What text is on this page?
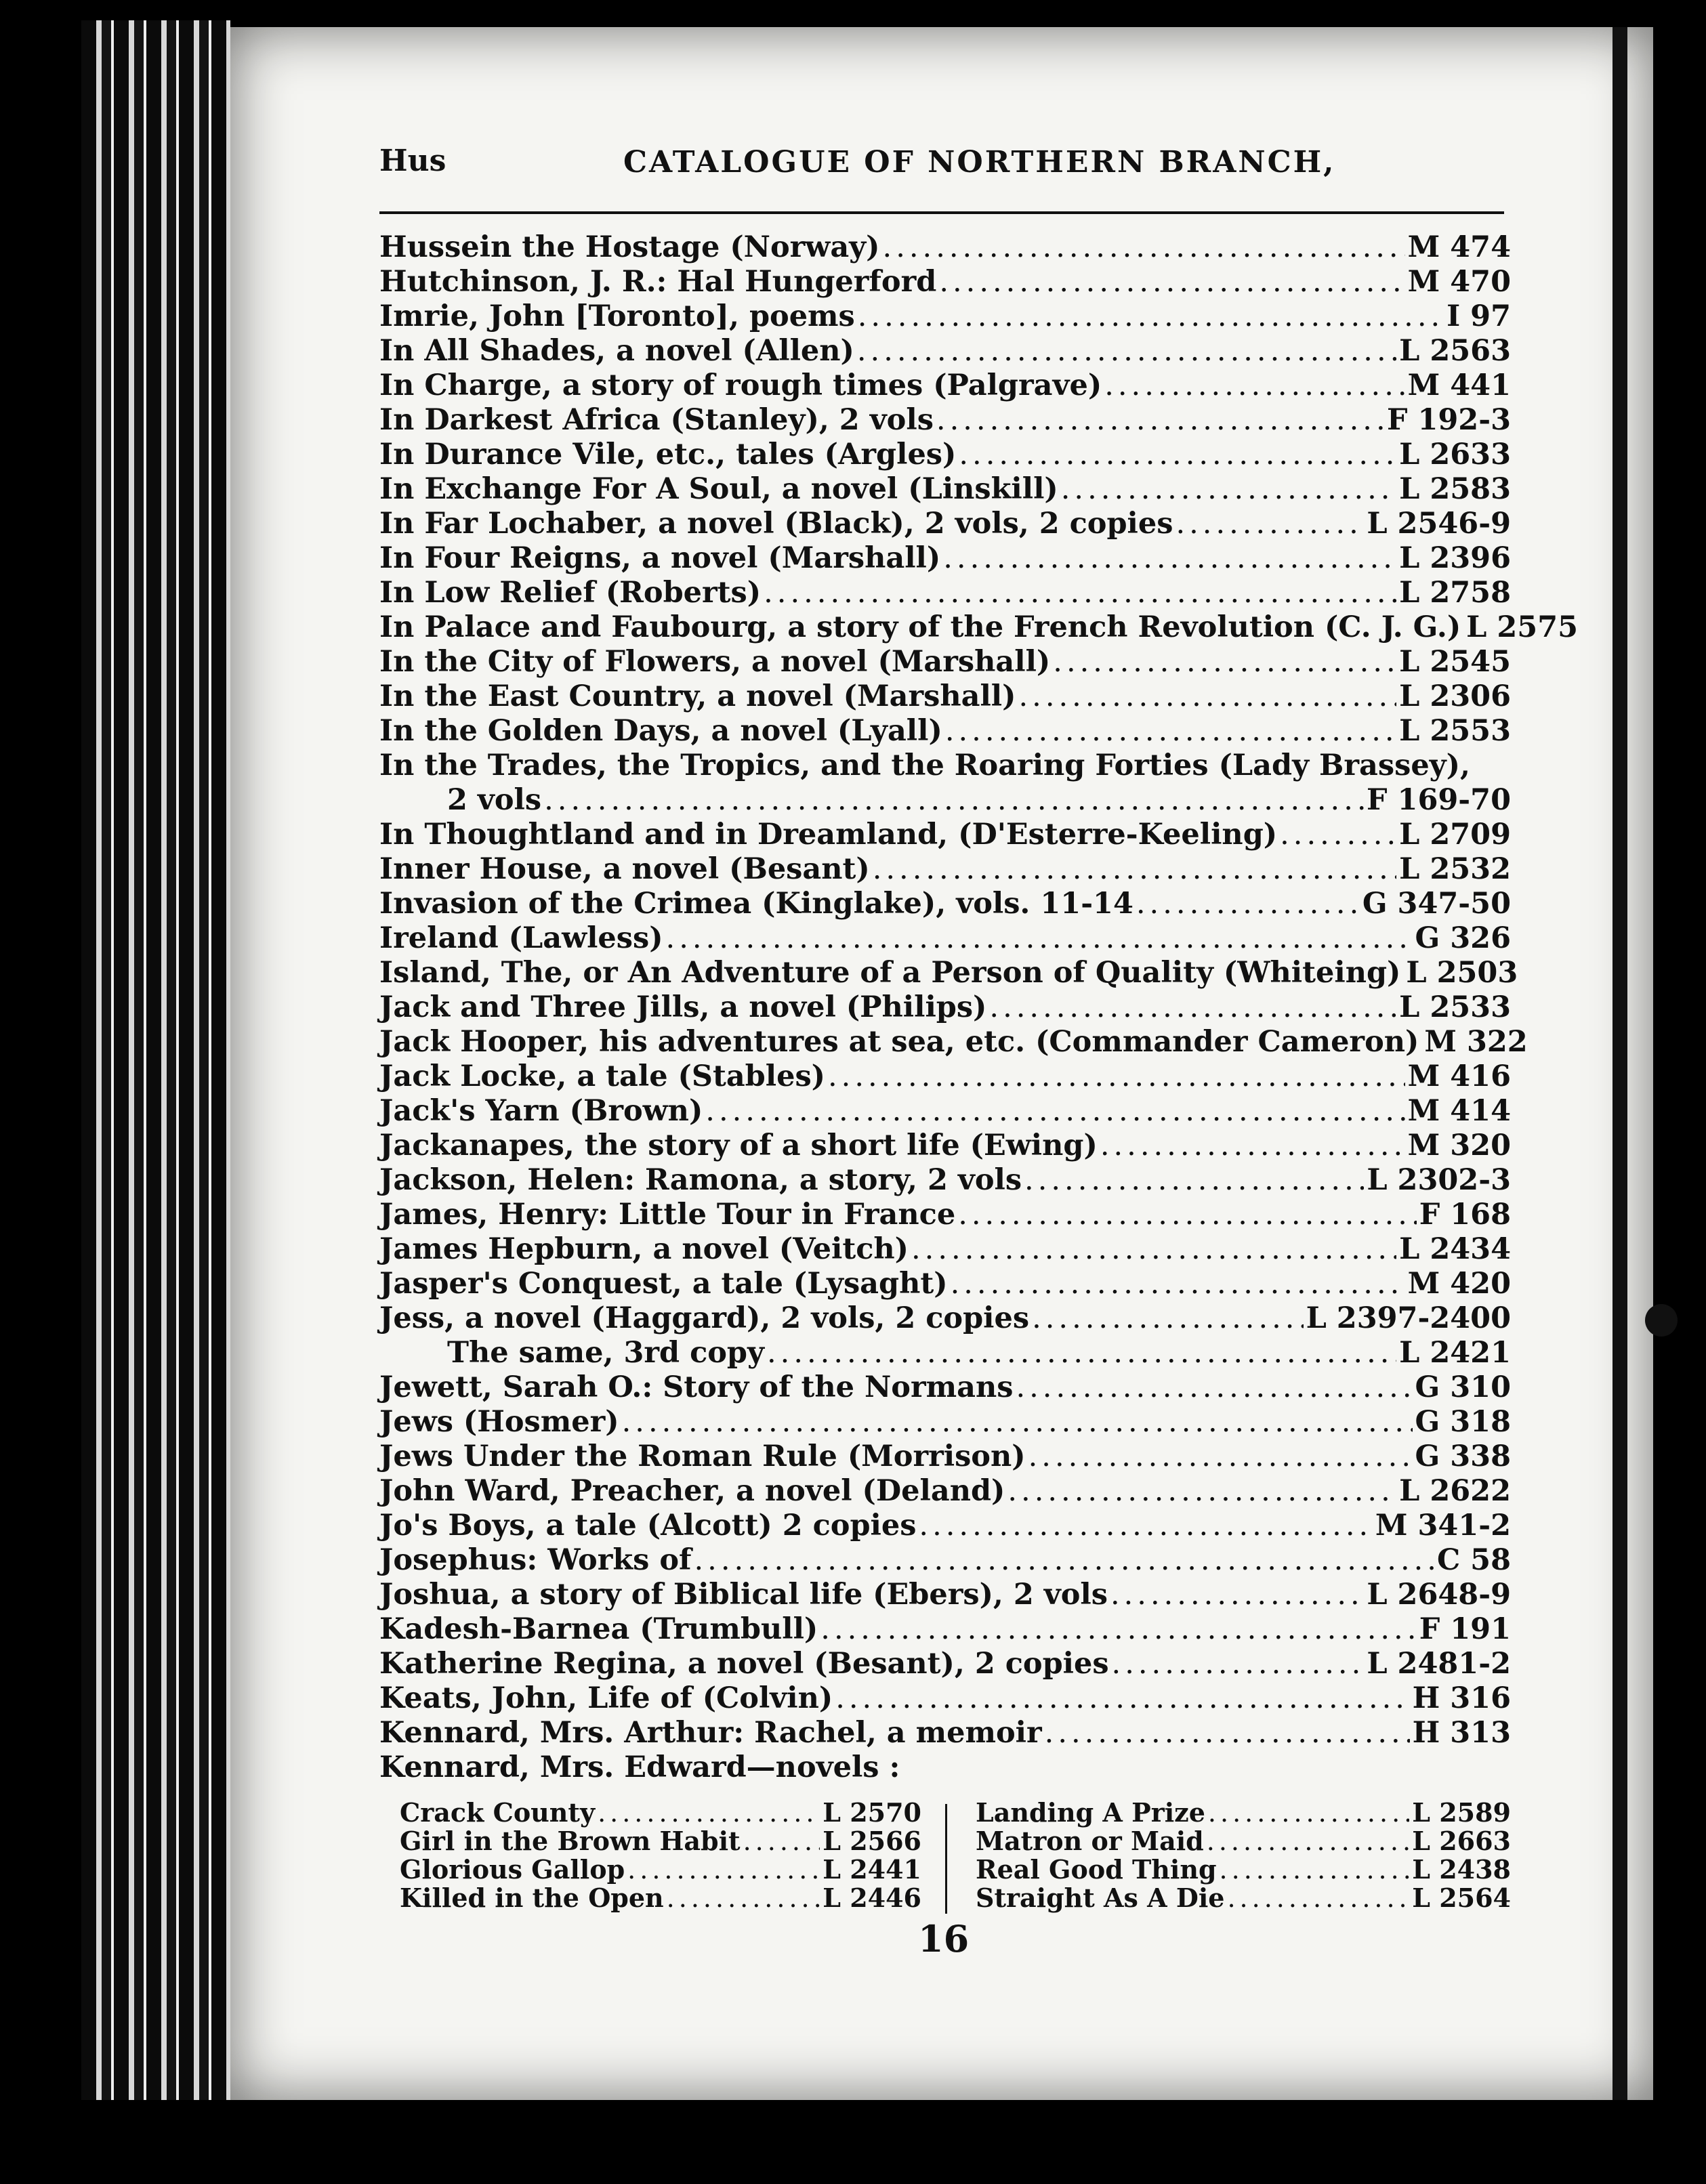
Hus	CATALOGUE OF NORTHERN BRANCH,
Hussein the Hostage (Norway) .....	M 474
Hutchinson, J. R.: Hal Hungerford .....	M 470
Imrie, John [Toronto], poems .....	I 97
In All Shades, a novel (Allen) .....	L 2563
In Charge, a story of rough times (Palgrave) .....	M 441
In Darkest Africa (Stanley), 2 vols .....	F 192-3
In Durance Vile, etc., tales (Argles) .....	L 2633
In Exchange For A Soul, a novel (Linskill) .....	L 2583
In Far Lochaber, a novel (Black), 2 vols, 2 copies .....	L 2546-9
In Four Reigns, a novel (Marshall) .....	L 2396
In Low Relief (Roberts) .....	L 2758
In Palace and Faubourg, a story of the French Revolution (C. J. G.) L 2575
In the City of Flowers, a novel (Marshall) .....	L 2545
In the East Country, a novel (Marshall) .....	L 2306
In the Golden Days, a novel (Lyall) .....	L 2553
In the Trades, the Tropics, and the Roaring Forties (Lady Brassey),
2 vols .....	F 169-70
In Thoughtland and in Dreamland, (D'Esterre-Keeling) .....	L 2709
Inner House, a novel (Besant) .....	L 2532
Invasion of the Crimea (Kinglake), vols. 11-14 .....	G 347-50
Ireland (Lawless) .....	G 326
Island, The, or An Adventure of a Person of Quality (Whiteing) L 2503
Jack and Three Jills, a novel (Philips) .....	L 2533
Jack Hooper, his adventures at sea, etc. (Commander Cameron) M 322
Jack Locke, a tale (Stables) .....	M 416
Jack's Yarn (Brown) .....	M 414
Jackanapes, the story of a short life (Ewing) .....	M 320
Jackson, Helen: Ramona, a story, 2 vols .....	L 2302-3
James, Henry: Little Tour in France .....	F 168
James Hepburn, a novel (Veitch) .....	L 2434
Jasper's Conquest, a tale (Lysaght) .....	M 420
Jess, a novel (Haggard), 2 vols, 2 copies .....	L 2397-2400
The same, 3rd copy .....	L 2421
Jewett, Sarah O.: Story of the Normans .....	G 310
Jews (Hosmer) .....	G 318
Jews Under the Roman Rule (Morrison) .....	G 338
John Ward, Preacher, a novel (Deland) .....	L 2622
Jo's Boys, a tale (Alcott) 2 copies .....	M 341-2
Josephus: Works of .....	C 58
Joshua, a story of Biblical life (Ebers), 2 vols .....	L 2648-9
Kadesh-Barnea (Trumbull) .....	F 191
Katherine Regina, a novel (Besant), 2 copies .....	L 2481-2
Keats, John, Life of (Colvin) .....	H 316
Kennard, Mrs. Arthur: Rachel, a memoir .....	H 313
Kennard, Mrs. Edward—novels :
Crack County .....	L 2570
Girl in the Brown Habit .....	L 2566
Glorious Gallop .....	L 2441
Killed in the Open .....	L 2446
Landing A Prize .....	L 2589
Matron or Maid .....	L 2663
Real Good Thing .....	L 2438
Straight As A Die .....	L 2564
16
